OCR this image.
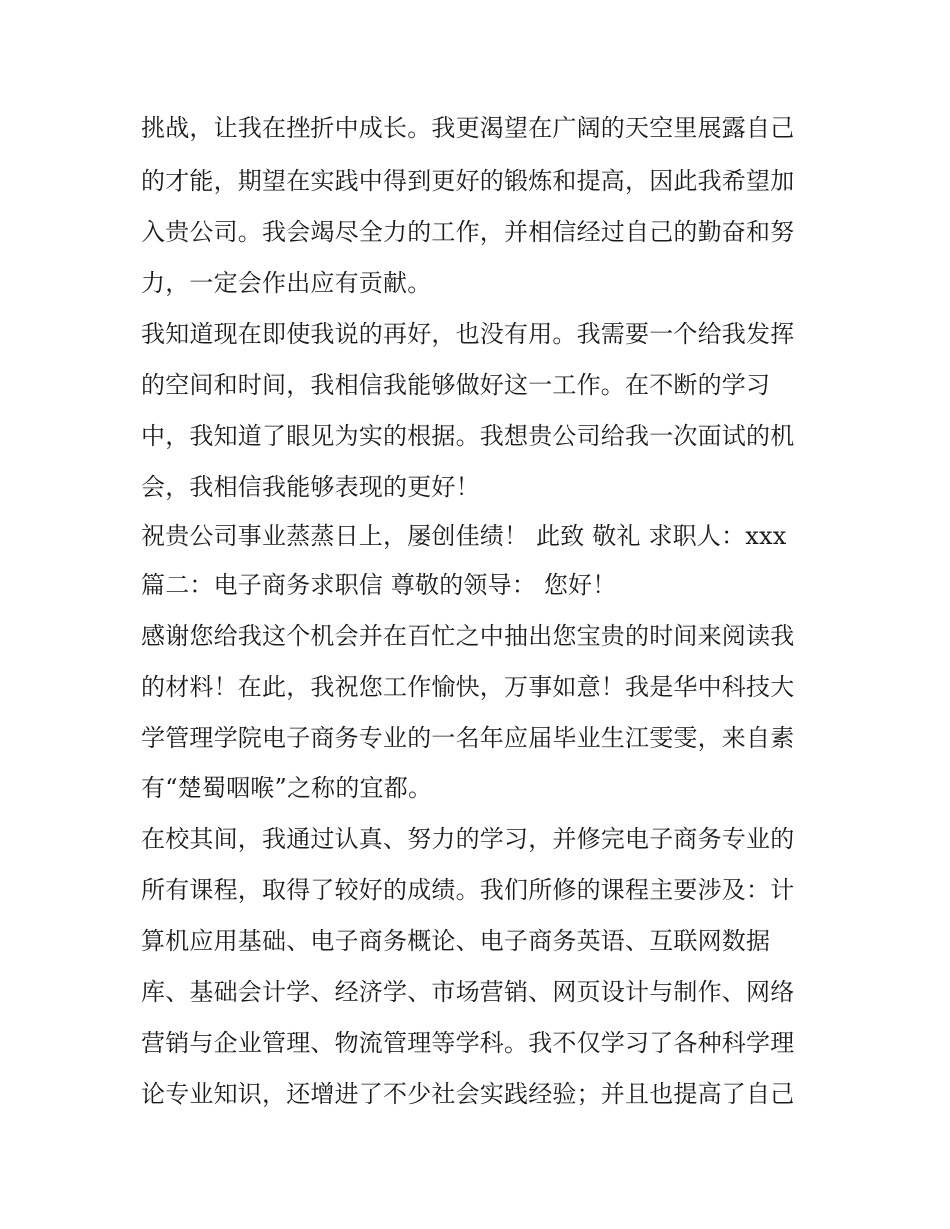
挑战，让我在挫折中成长。我更渴望在广阔的天空里展露自己
的才能，期望在实践中得到更好的锻炼和提高，因此我希望加
入贵公司。我会竭尽全力的工作，并相信经过自己的勤奋和努
力，一定会作出应有贡献。
我知道现在即使我说的再好，也没有用。我需要一个给我发挥
的空间和时间，我相信我能够做好这一工作。在不断的学习
中，我知道了眼见为实的根据。我想贵公司给我一次面试的机
会，我相信我能够表现的更好！
祝贵公司事业蒸蒸日上，屡创佳绩！ 此致 敬礼 求职人：xxx
篇二：电子商务求职信 尊敬的领导： 您好！
感谢您给我这个机会并在百忙之中抽出您宝贵的时间来阅读我
的材料！在此，我祝您工作愉快，万事如意！我是华中科技大
学管理学院电子商务专业的一名年应届毕业生江雯雯，来自素
有“楚蜀咽喉”之称的宜都。
在校其间，我通过认真、努力的学习，并修完电子商务专业的
所有课程，取得了较好的成绩。我们所修的课程主要涉及：计
算机应用基础、电子商务概论、电子商务英语、互联网数据
库、基础会计学、经济学、市场营销、网页设计与制作、网络
营销与企业管理、物流管理等学科。我不仅学习了各种科学理
论专业知识，还增进了不少社会实践经验；并且也提高了自己
